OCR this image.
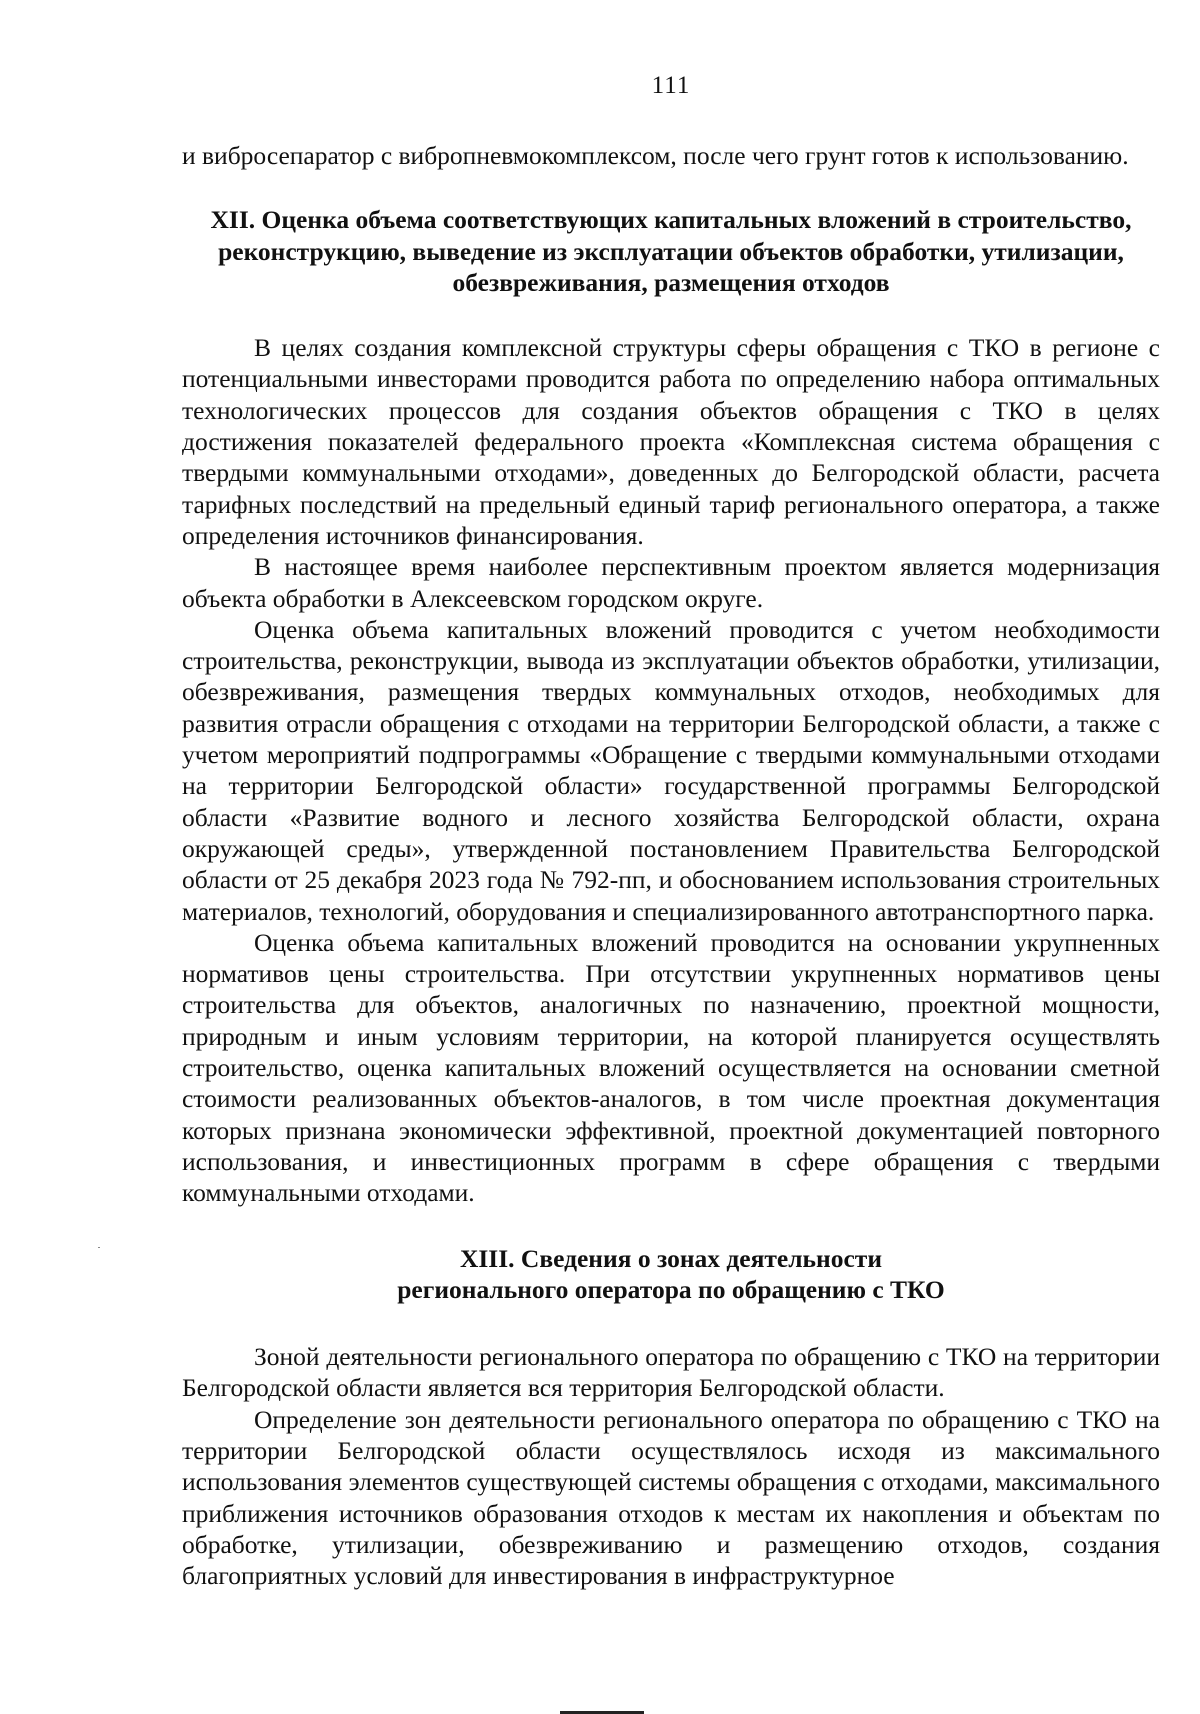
111

и вибросепаратор с вибропневмокомплексом, после чего грунт готов к использованию.

XII. Оценка объема соответствующих капитальных вложений в строительство,
реконструкцию, выведение из эксплуатации объектов обработки, утилизации,
обезвреживания, размещения отходов

В целях создания комплексной структуры сферы обращения с ТКО в регионе с потенциальными инвесторами проводится работа по определению набора оптимальных технологических процессов для создания объектов обращения с ТКО в целях достижения показателей федерального проекта «Комплексная система обращения с твердыми коммунальными отходами», доведенных до Белгородской области, расчета тарифных последствий на предельный единый тариф регионального оператора, а также определения источников финансирования.

В настоящее время наиболее перспективным проектом является модернизация объекта обработки в Алексеевском городском округе.

Оценка объема капитальных вложений проводится с учетом необходимости строительства, реконструкции, вывода из эксплуатации объектов обработки, утилизации, обезвреживания, размещения твердых коммунальных отходов, необходимых для развития отрасли обращения с отходами на территории Белгородской области, а также с учетом мероприятий подпрограммы «Обращение с твердыми коммунальными отходами на территории Белгородской области» государственной программы Белгородской области «Развитие водного и лесного хозяйства Белгородской области, охрана окружающей среды», утвержденной постановлением Правительства Белгородской области от 25 декабря 2023 года № 792-пп, и обоснованием использования строительных материалов, технологий, оборудования и специализированного автотранспортного парка.

Оценка объема капитальных вложений проводится на основании укрупненных нормативов цены строительства. При отсутствии укрупненных нормативов цены строительства для объектов, аналогичных по назначению, проектной мощности, природным и иным условиям территории, на которой планируется осуществлять строительство, оценка капитальных вложений осуществляется на основании сметной стоимости реализованных объектов-аналогов, в том числе проектная документация которых признана экономически эффективной, проектной документацией повторного использования, и инвестиционных программ в сфере обращения с твердыми коммунальными отходами.

XIII. Сведения о зонах деятельности
регионального оператора по обращению с ТКО

Зоной деятельности регионального оператора по обращению с ТКО на территории Белгородской области является вся территория Белгородской области.

Определение зон деятельности регионального оператора по обращению с ТКО на территории Белгородской области осуществлялось исходя из максимального использования элементов существующей системы обращения с отходами, максимального приближения источников образования отходов к местам их накопления и объектам по обработке, утилизации, обезвреживанию и размещению отходов, создания благоприятных условий для инвестирования в инфраструктурное
